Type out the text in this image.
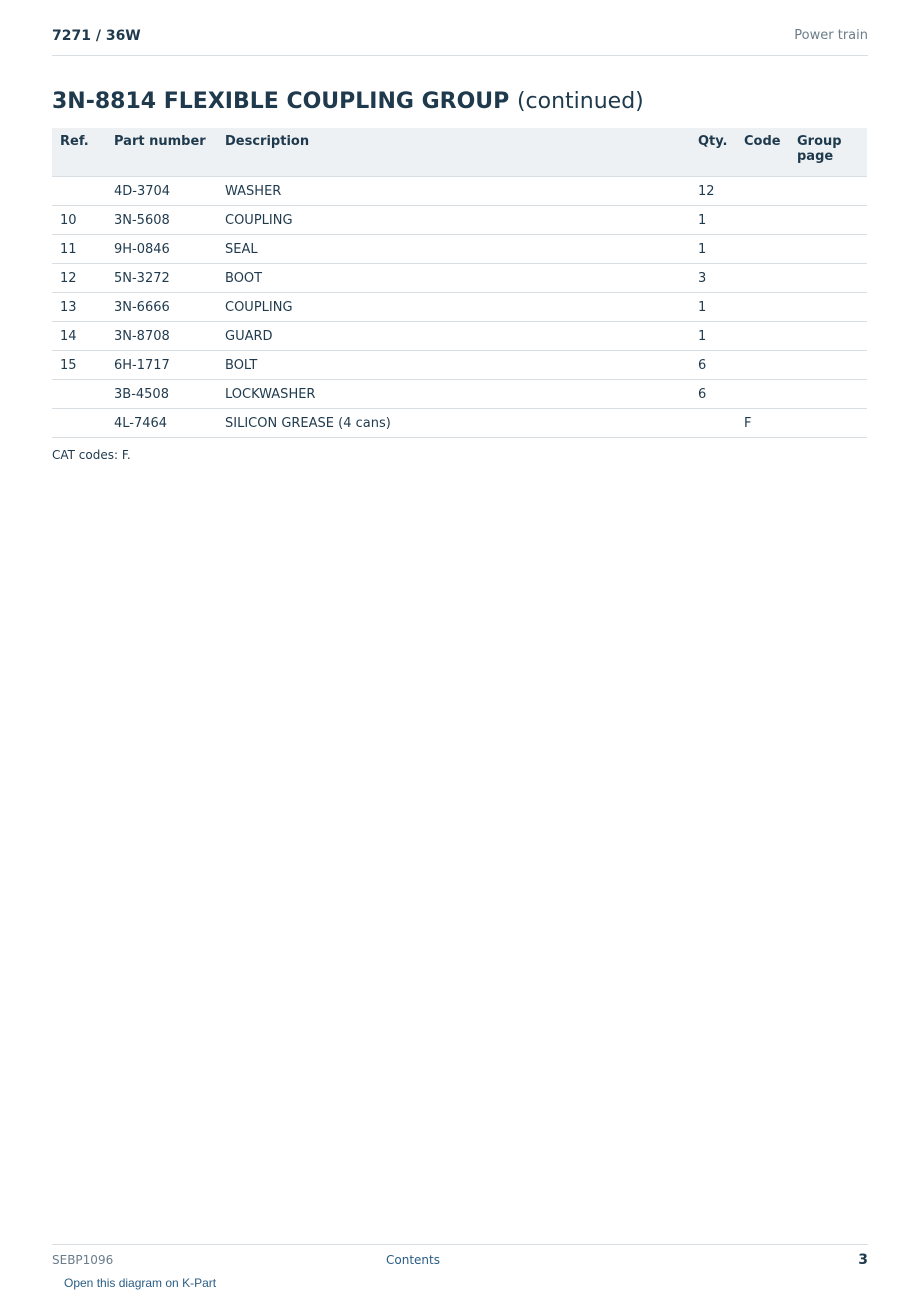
7271 / 36W	Power train
3N-8814 FLEXIBLE COUPLING GROUP (continued)
Ref.	Part number	Description	Qty.	Code	Group page
	4D-3704	WASHER	12		
10	3N-5608	COUPLING	1		
11	9H-0846	SEAL	1		
12	5N-3272	BOOT	3		
13	3N-6666	COUPLING	1		
14	3N-8708	GUARD	1		
15	6H-1717	BOLT	6		
	3B-4508	LOCKWASHER	6		
	4L-7464	SILICON GREASE (4 cans)		F	
CAT codes: F.
SEBP1096	Contents	3
Open this diagram on K-Part
